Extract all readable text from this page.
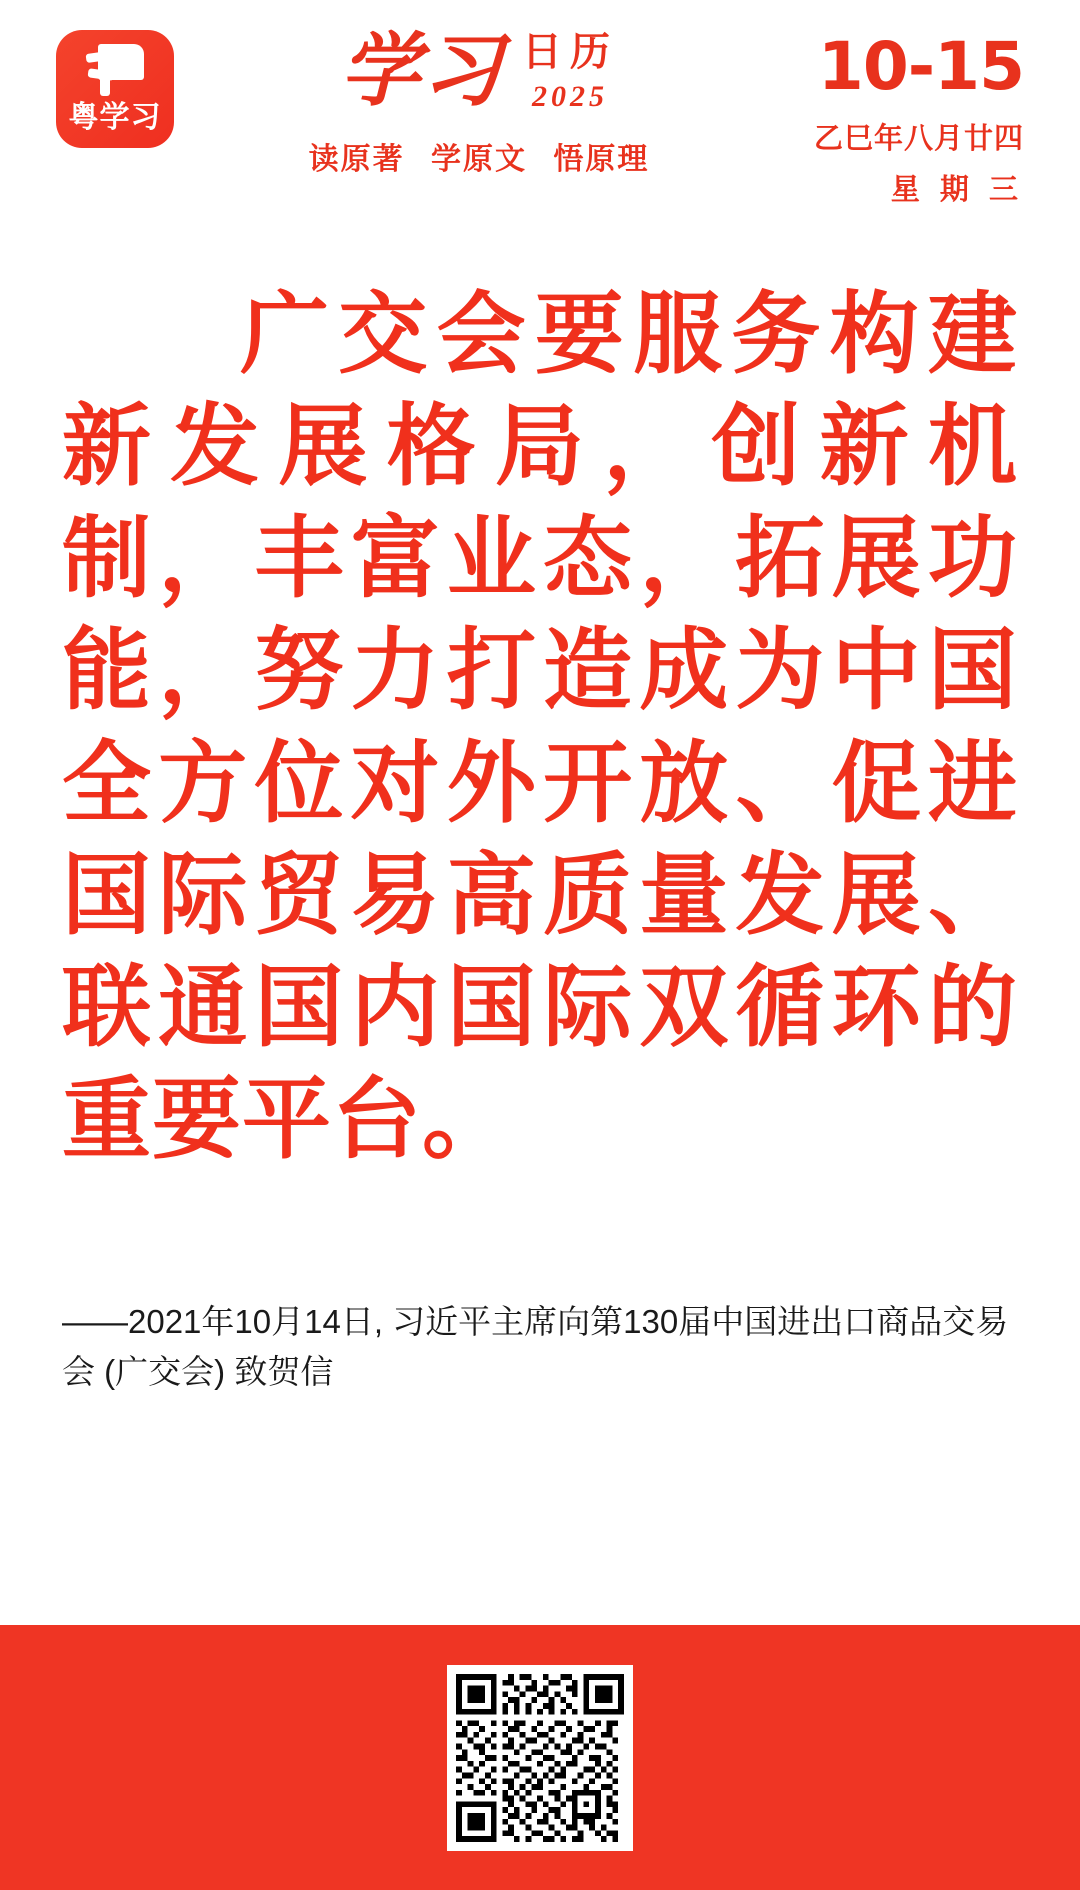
粤学习
学习 日历
2025
读原著 学原文 悟原理
10-15
乙巳年八月廿四
星 期 三
广交会要服务构建新发展格局，创新机制，丰富业态，拓展功能，努力打造成为中国全方位对外开放、促进国际贸易高质量发展、联通国内国际双循环的重要平台。
——2021年10月14日, 习近平主席向第130届中国进出口商品交易会 (广交会) 致贺信
